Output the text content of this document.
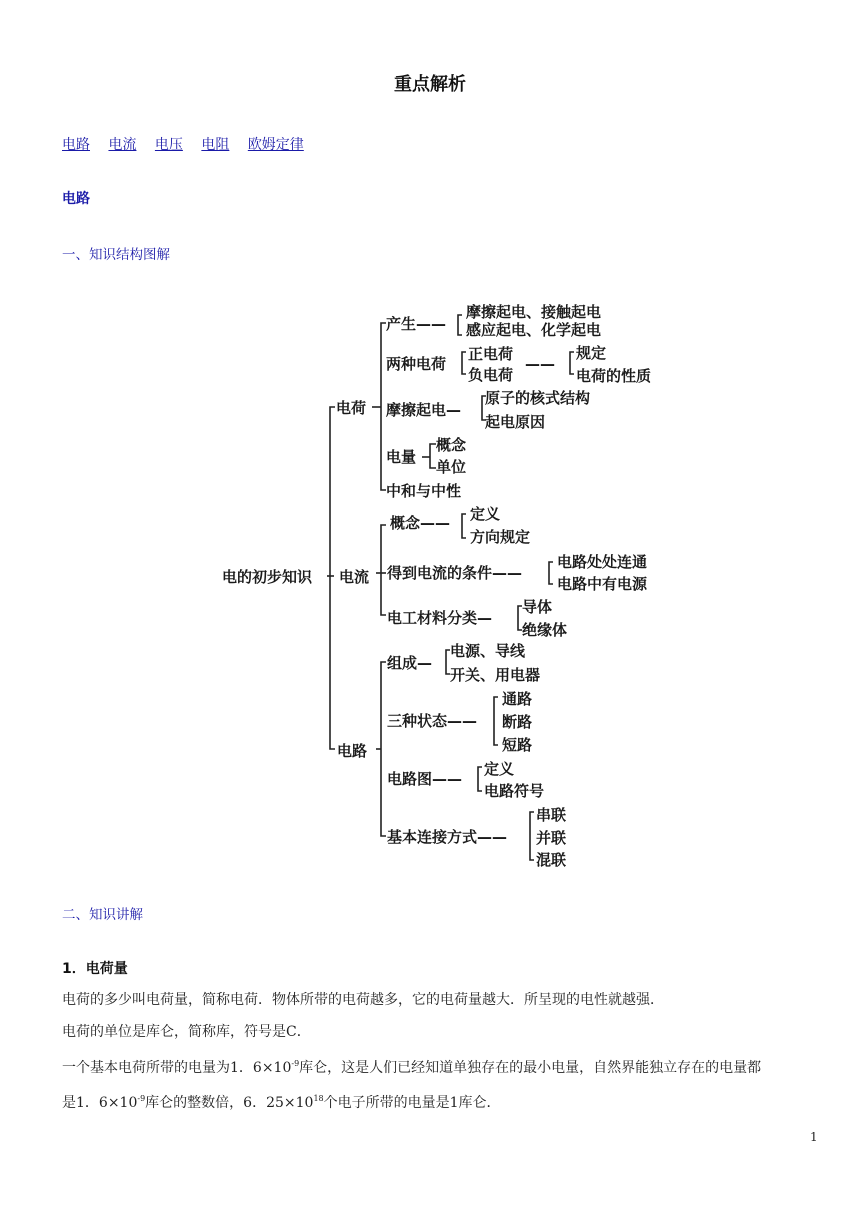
重点解析
电路 电流 电压 电阻 欧姆定律
电路
一、知识结构图解
电的初步知识
电荷
电流
电路
产生——
摩擦起电、接触起电
感应起电、化学起电
两种电荷
正电荷
负电荷
——
规定
电荷的性质
摩擦起电—
原子的核式结构
起电原因
电量
概念
单位
中和与中性
概念—— 定义
方向规定
得到电流的条件——
电路处处连通
电路中有电源
电工材料分类—
导体
绝缘体
组成—
电源、导线
开关、用电器
三种状态——
通路
断路
短路
电路图——
定义
电路符号
基本连接方式——
串联
并联
混联
二、知识讲解
1．电荷量
电荷的多少叫电荷量，简称电荷．物体所带的电荷越多，它的电荷量越大．所呈现的电性就越强．
电荷的单位是库仑，简称库，符号是C．
一个基本电荷所带的电量为1．$6\times 10^{-9}$库仑，这是人们已经知道单独存在的最小电量，自然界能独立存在的电量都
是1．$6\times 10^{-9}$库仑的整数倍，6．$25\times 10^{18}$个电子所带的电量是1库仑．
1
